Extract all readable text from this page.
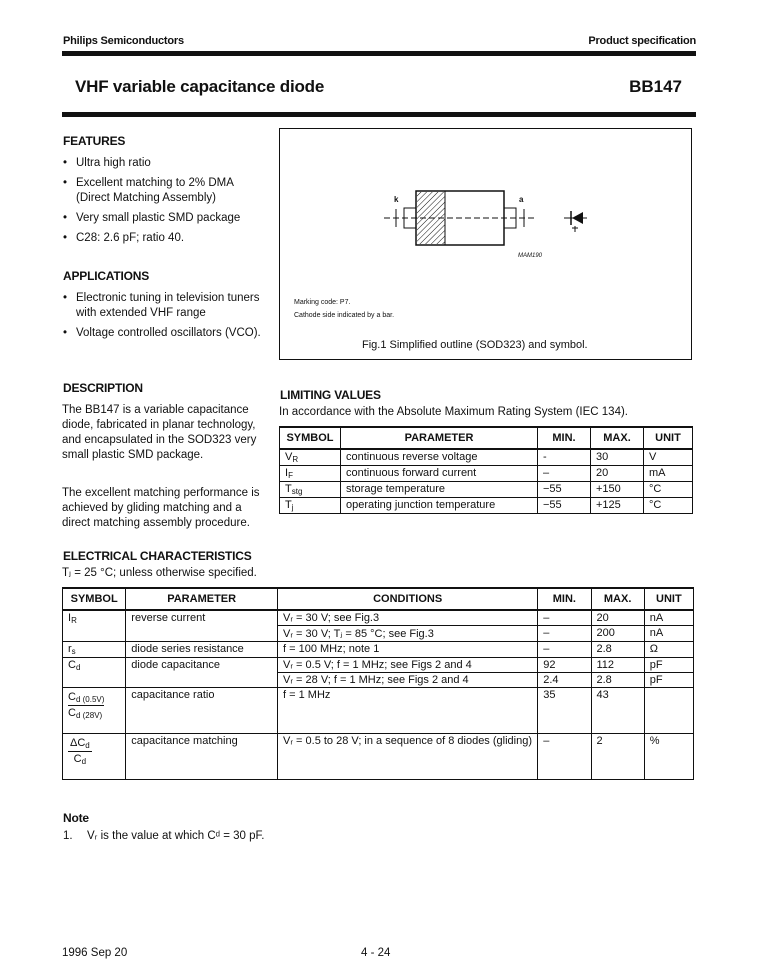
Philips Semiconductors	Product specification
VHF variable capacitance diode	BB147
FEATURES
• Ultra high ratio
• Excellent matching to 2% DMA (Direct Matching Assembly)
• Very small plastic SMD package
• C28: 2.6 pF; ratio 40.
APPLICATIONS
• Electronic tuning in television tuners with extended VHF range
• Voltage controlled oscillators (VCO).
DESCRIPTION
The BB147 is a variable capacitance diode, fabricated in planar technology, and encapsulated in the SOD323 very small plastic SMD package.
The excellent matching performance is achieved by gliding matching and a direct matching assembly procedure.
k	a
MAM190
Marking code: P7.
Cathode side indicated by a bar.
Fig.1 Simplified outline (SOD323) and symbol.
LIMITING VALUES
In accordance with the Absolute Maximum Rating System (IEC 134).
SYMBOL	PARAMETER	MIN.	MAX.	UNIT
$V_R$	continuous reverse voltage	-	30	V
$I_F$	continuous forward current	–	20	mA
$T_{stg}$	storage temperature	−55	+150	°C
$T_j$	operating junction temperature	−55	+125	°C
ELECTRICAL CHARACTERISTICS
Tⱼ = 25 °C; unless otherwise specified.
SYMBOL	PARAMETER	CONDITIONS	MIN.	MAX.	UNIT
$I_R$	reverse current	Vᵣ = 30 V; see Fig.3	–	20	nA
		Vᵣ = 30 V; Tⱼ = 85 °C; see Fig.3	–	200	nA
$r_s$	diode series resistance	f = 100 MHz; note 1	–	2.8	Ω
$C_d$	diode capacitance	Vᵣ = 0.5 V; f = 1 MHz; see Figs 2 and 4	92	112	pF
		Vᵣ = 28 V; f = 1 MHz; see Figs 2 and 4	2.4	2.8	pF

$\frac{C_{d (0.5V)}}{C_{d (28V)}}$	capacitance ratio	f = 1 MHz	35	43	

$\Delta C_d$
$C_d$	capacitance matching	Vᵣ = 0.5 to 28 V; in a sequence of 8 diodes (gliding)	–	2	%
Note
1. Vᵣ is the value at which Cᵈ = 30 pF.
1996 Sep 20	4 - 24
